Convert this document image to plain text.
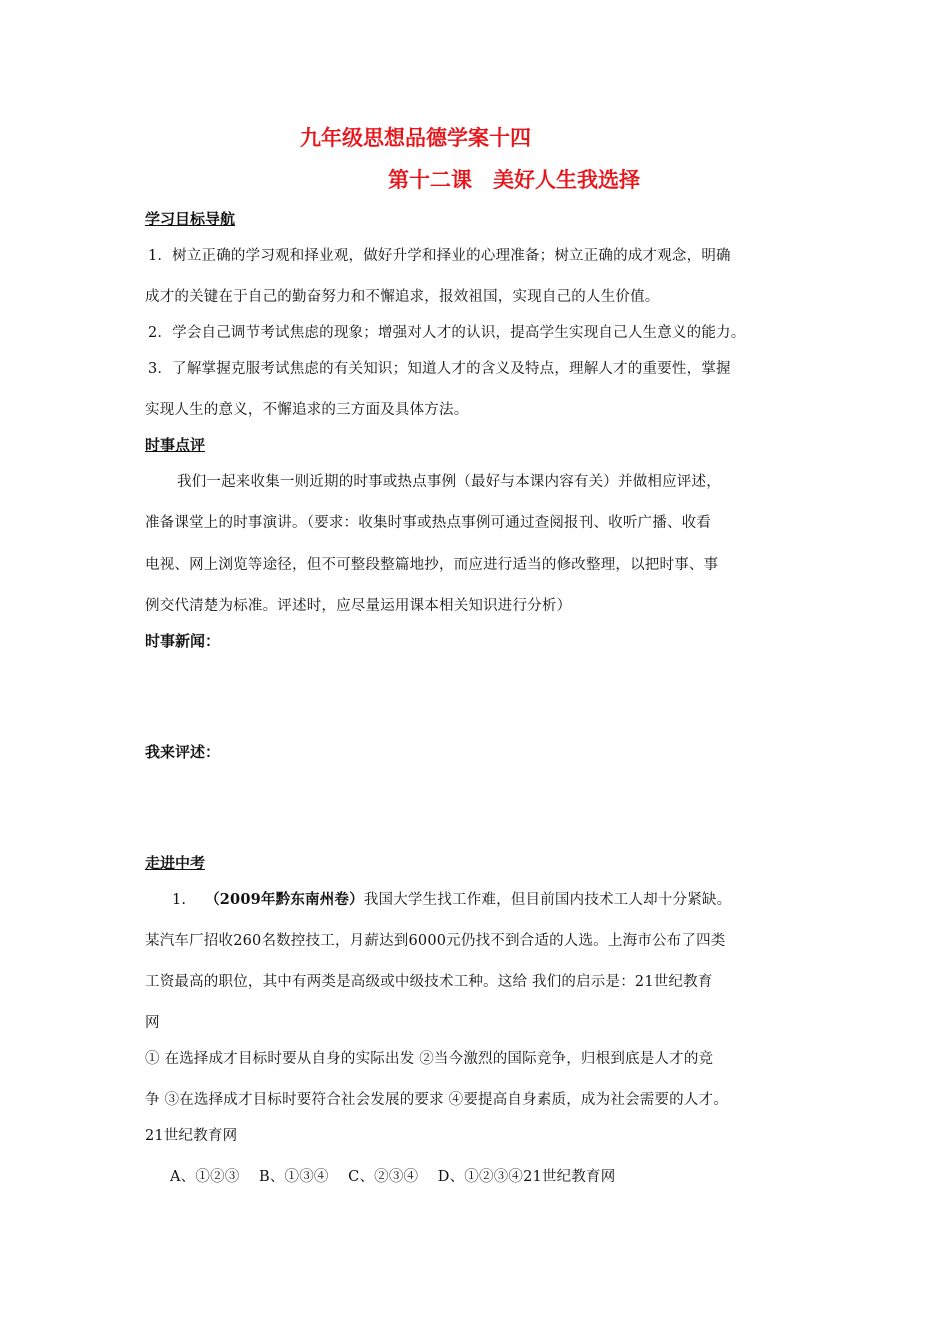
九年级思想品德学案十四
第十二课　美好人生我选择
学习目标导航
1．树立正确的学习观和择业观，做好升学和择业的心理准备；树立正确的成才观念，明确
成才的关键在于自己的勤奋努力和不懈追求，报效祖国，实现自己的人生价值。
2．学会自己调节考试焦虑的现象；增强对人才的认识，提高学生实现自己人生意义的能力。
3．了解掌握克服考试焦虑的有关知识；知道人才的含义及特点，理解人才的重要性，掌握
实现人生的意义，不懈追求的三方面及具体方法。
时事点评
我们一起来收集一则近期的时事或热点事例（最好与本课内容有关）并做相应评述，
准备课堂上的时事演讲。（要求：收集时事或热点事例可通过查阅报刊、收听广播、收看
电视、网上浏览等途径，但不可整段整篇地抄，而应进行适当的修改整理，以把时事、事
例交代清楚为标准。评述时，应尽量运用课本相关知识进行分析）
时事新闻：
我来评述：
走进中考
1. （2009年黔东南州卷）我国大学生找工作难，但目前国内技术工人却十分紧缺。
某汽车厂招收260名数控技工，月薪达到6000元仍找不到合适的人选。上海市公布了四类
工资最高的职位，其中有两类是高级或中级技术工种。这给 我们的启示是：21世纪教育
网
① 在选择成才目标时要从自身的实际出发 ②当今激烈的国际竞争，归根到底是人才的竞
争 ③在选择成才目标时要符合社会发展的要求 ④要提高自身素质，成为社会需要的人才。
21世纪教育网
A、①②③　 B、①③④　 C、②③④　 D、①②③④21世纪教育网
